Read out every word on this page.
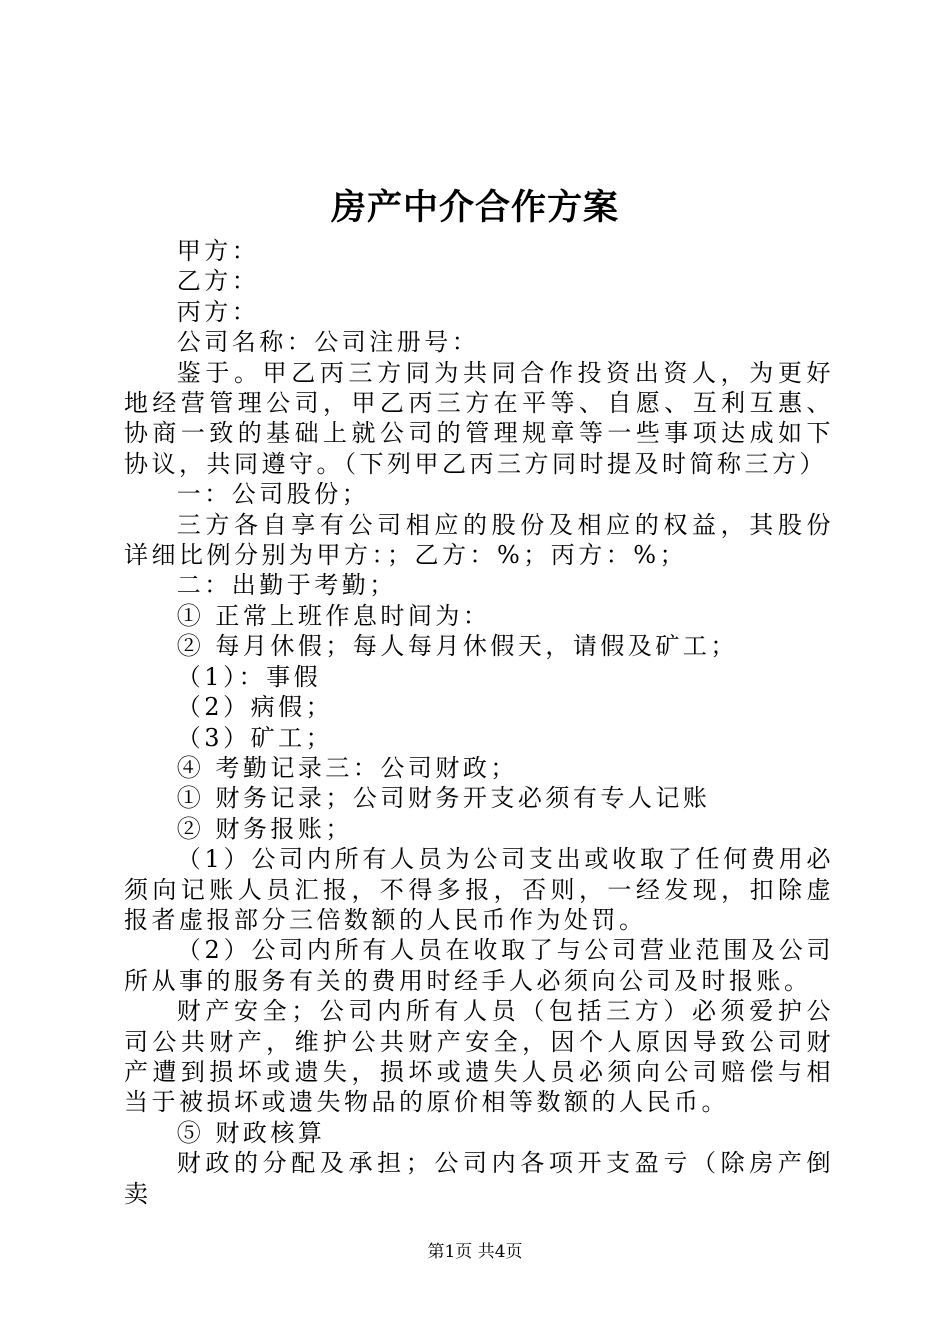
房产中介合作方案

甲方：

乙方：

丙方：

公司名称：公司注册号：

鉴于。甲乙丙三方同为共同合作投资出资人，为更好地经营管理公司，甲乙丙三方在平等、自愿、互利互惠、协商一致的基础上就公司的管理规章等一些事项达成如下协议，共同遵守。（下列甲乙丙三方同时提及时简称三方）

一：公司股份；

三方各自享有公司相应的股份及相应的权益，其股份详细比例分别为甲方：；乙方：%；丙方：%；

二：出勤于考勤；

① 正常上班作息时间为：

② 每月休假；每人每月休假天，请假及矿工；

（1）：事假

（2）病假；

（3）矿工；

④ 考勤记录三：公司财政；

① 财务记录；公司财务开支必须有专人记账

② 财务报账；

（1）公司内所有人员为公司支出或收取了任何费用必须向记账人员汇报，不得多报，否则，一经发现，扣除虚报者虚报部分三倍数额的人民币作为处罚。

（2）公司内所有人员在收取了与公司营业范围及公司所从事的服务有关的费用时经手人必须向公司及时报账。

财产安全；公司内所有人员（包括三方）必须爱护公司公共财产，维护公共财产安全，因个人原因导致公司财产遭到损坏或遗失，损坏或遗失人员必须向公司赔偿与相当于被损坏或遗失物品的原价相等数额的人民币。

⑤ 财政核算

财政的分配及承担；公司内各项开支盈亏（除房产倒卖

第1页 共4页
